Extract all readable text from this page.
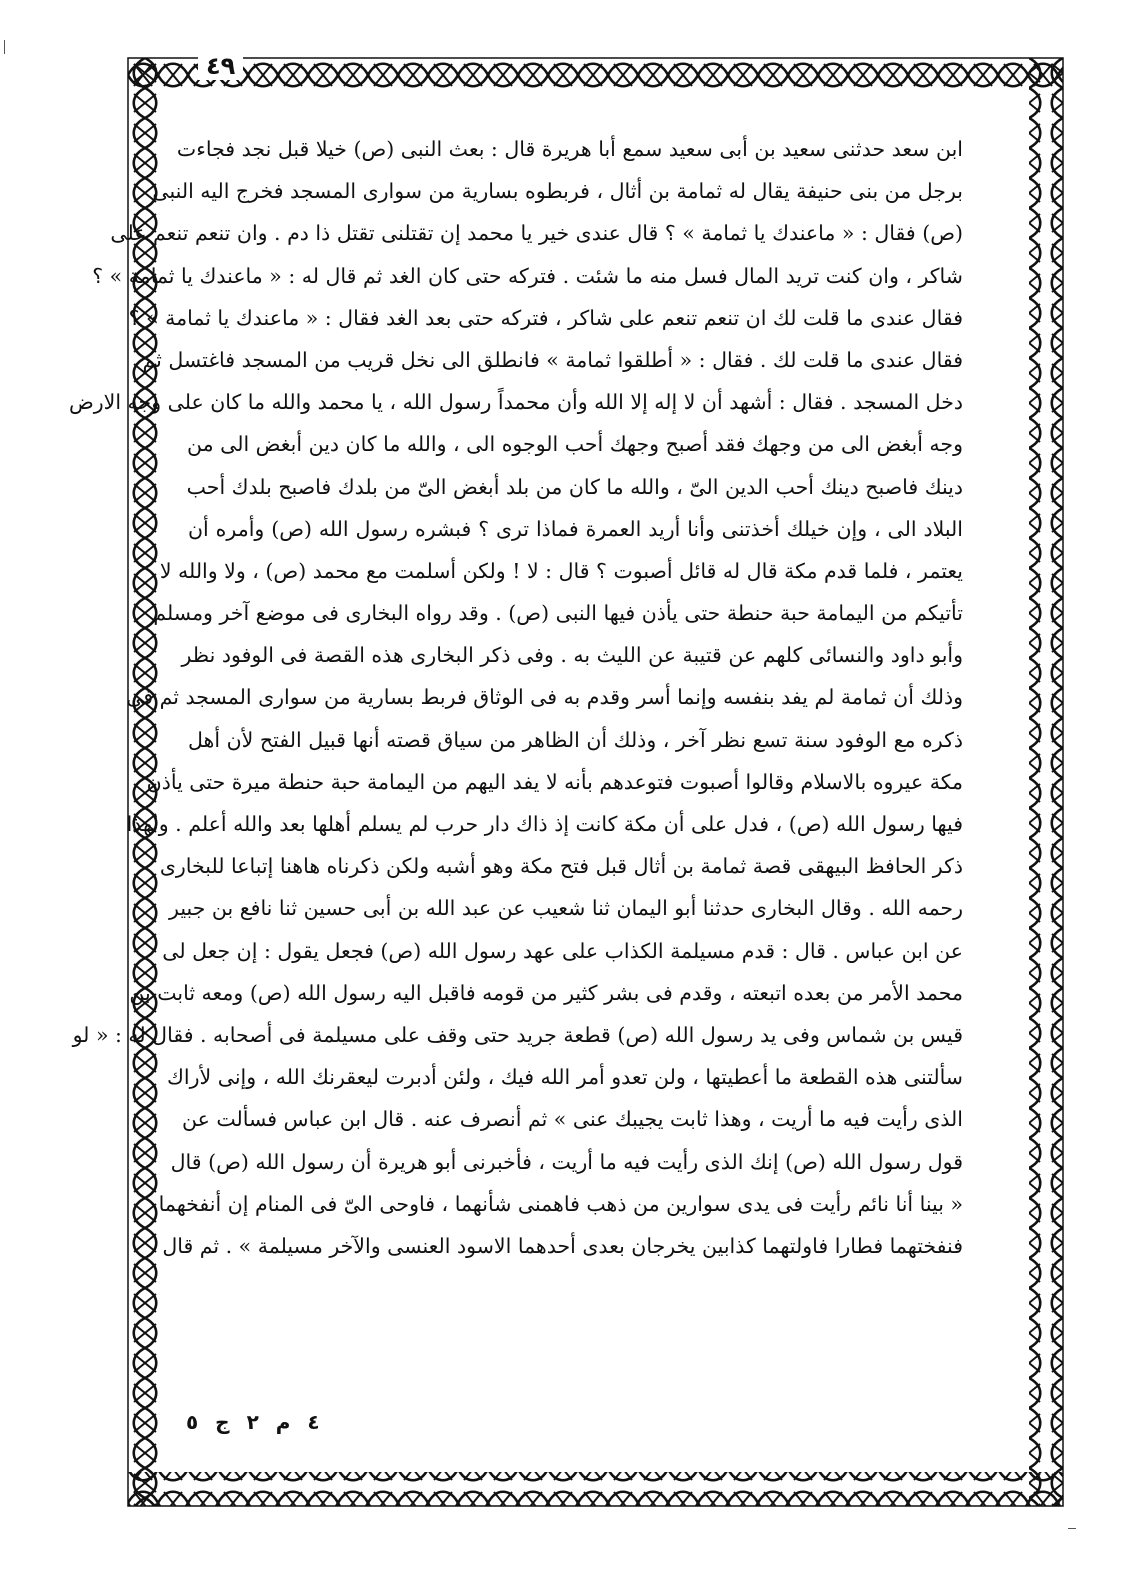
٤٩
ابن سعد حدثنى سعيد بن أبى سعيد سمع أبا هريرة قال : بعث النبى (ص) خيلا قبل نجد فجاءت
برجل من بنى حنيفة يقال له ثمامة بن أثال ، فربطوه بسارية من سوارى المسجد فخرج اليه النبى
(ص) فقال : « ماعندك يا ثمامة » ؟ قال عندى خير يا محمد إن تقتلنى تقتل ذا دم . وان تنعم تنعم على
شاكر ، وان كنت تريد المال فسل منه ما شئت . فتركه حتى كان الغد ثم قال له : « ماعندك يا ثمامة » ؟
فقال عندى ما قلت لك ان تنعم تنعم على شاكر ، فتركه حتى بعد الغد فقال : « ماعندك يا ثمامة » ؟
فقال عندى ما قلت لك . فقال : « أطلقوا ثمامة » فانطلق الى نخل قريب من المسجد فاغتسل ثم
دخل المسجد . فقال : أشهد أن لا إله إلا الله وأن محمداً رسول الله ، يا محمد والله ما كان على وجه الارض
وجه أبغض الى من وجهك فقد أصبح وجهك أحب الوجوه الى ، والله ما كان دين أبغض الى من
دينك فاصبح دينك أحب الدين الىّ ، والله ما كان من بلد أبغض الىّ من بلدك فاصبح بلدك أحب
البلاد الى ، وإن خيلك أخذتنى وأنا أريد العمرة فماذا ترى ؟ فبشره رسول الله (ص) وأمره أن
يعتمر ، فلما قدم مكة قال له قائل أصبوت ؟ قال : لا ! ولكن أسلمت مع محمد (ص) ، ولا والله لا
تأتيكم من اليمامة حبة حنطة حتى يأذن فيها النبى (ص) . وقد رواه البخارى فى موضع آخر ومسلم
وأبو داود والنسائى كلهم عن قتيبة عن الليث به . وفى ذكر البخارى هذه القصة فى الوفود نظر
وذلك أن ثمامة لم يفد بنفسه وإنما أسر وقدم به فى الوثاق فربط بسارية من سوارى المسجد ثم فى
ذكره مع الوفود سنة تسع نظر آخر ، وذلك أن الظاهر من سياق قصته أنها قبيل الفتح لأن أهل
مكة عيروه بالاسلام وقالوا أصبوت فتوعدهم بأنه لا يفد اليهم من اليمامة حبة حنطة ميرة حتى يأذن
فيها رسول الله (ص) ، فدل على أن مكة كانت إذ ذاك دار حرب لم يسلم أهلها بعد والله أعلم . ولهذا
ذكر الحافظ البيهقى قصة ثمامة بن أثال قبل فتح مكة وهو أشبه ولكن ذكرناه هاهنا إتباعا للبخارى
رحمه الله . وقال البخارى حدثنا أبو اليمان ثنا شعيب عن عبد الله بن أبى حسين ثنا نافع بن جبير
عن ابن عباس . قال : قدم مسيلمة الكذاب على عهد رسول الله (ص) فجعل يقول : إن جعل لى
محمد الأمر من بعده اتبعته ، وقدم فى بشر كثير من قومه فاقبل اليه رسول الله (ص) ومعه ثابت بن
قيس بن شماس وفى يد رسول الله (ص) قطعة جريد حتى وقف على مسيلمة فى أصحابه . فقال له : « لو
سألتنى هذه القطعة ما أعطيتها ، ولن تعدو أمر الله فيك ، ولئن أدبرت ليعقرنك الله ، وإنى لأراك
الذى رأيت فيه ما أريت ، وهذا ثابت يجيبك عنى » ثم أنصرف عنه . قال ابن عباس فسألت عن
قول رسول الله (ص) إنك الذى رأيت فيه ما أريت ، فأخبرنى أبو هريرة أن رسول الله (ص) قال
« بينا أنا نائم رأيت فى يدى سوارين من ذهب فاهمنى شأنهما ، فاوحى الىّ فى المنام إن أنفخهما
فنفختهما فطارا فاولتهما كذابين يخرجان بعدى أحدهما الاسود العنسى والآخر مسيلمة » . ثم قال
٤ م ٢ ج ٥
